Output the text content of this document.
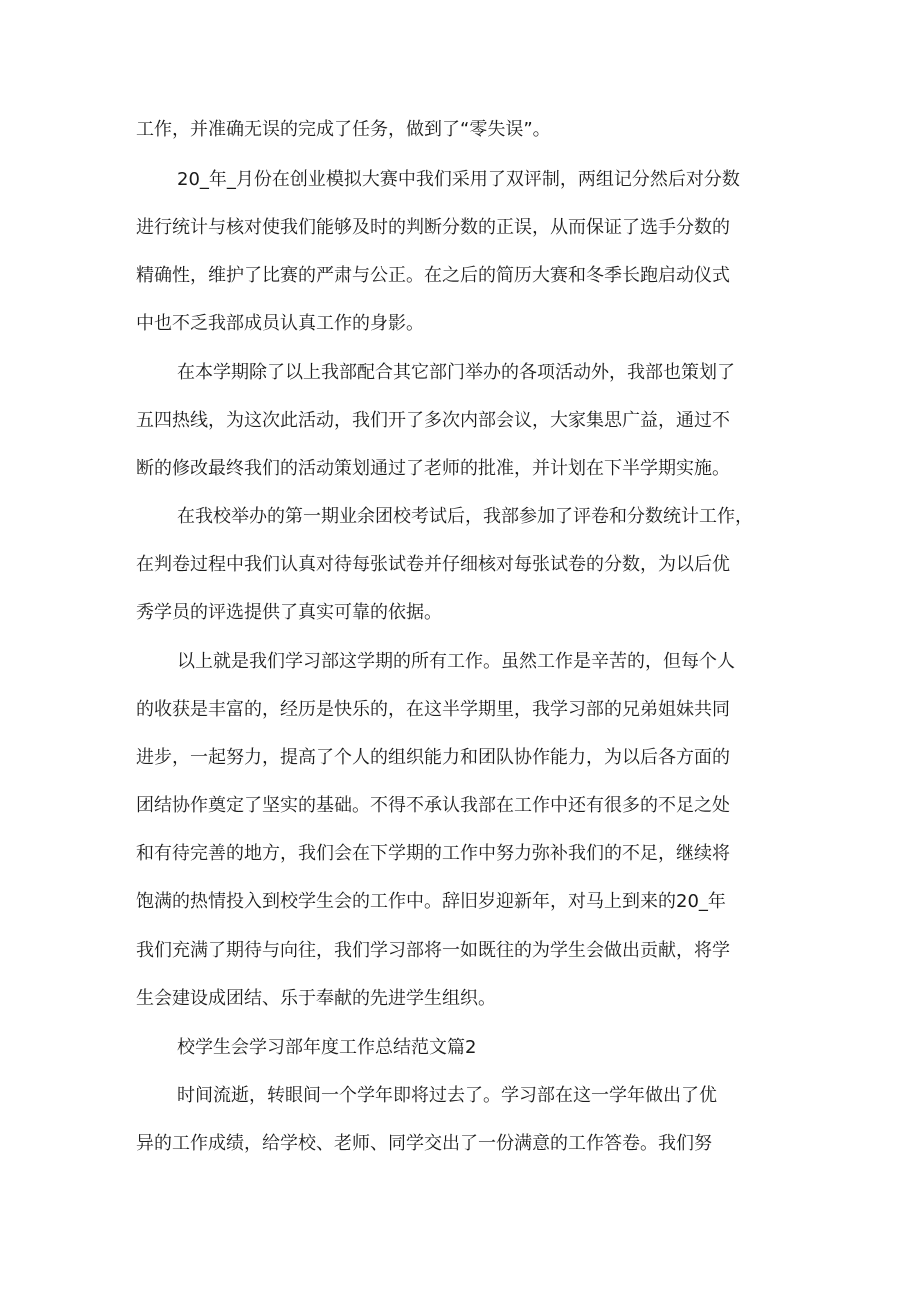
工作，并准确无误的完成了任务，做到了“零失误”。

20_年_月份在创业模拟大赛中我们采用了双评制，两组记分然后对分数

进行统计与核对使我们能够及时的判断分数的正误，从而保证了选手分数的

精确性，维护了比赛的严肃与公正。在之后的简历大赛和冬季长跑启动仪式

中也不乏我部成员认真工作的身影。

在本学期除了以上我部配合其它部门举办的各项活动外，我部也策划了

五四热线，为这次此活动，我们开了多次内部会议，大家集思广益，通过不

断的修改最终我们的活动策划通过了老师的批准，并计划在下半学期实施。

在我校举办的第一期业余团校考试后，我部参加了评卷和分数统计工作，

在判卷过程中我们认真对待每张试卷并仔细核对每张试卷的分数，为以后优

秀学员的评选提供了真实可靠的依据。

以上就是我们学习部这学期的所有工作。虽然工作是辛苦的，但每个人

的收获是丰富的，经历是快乐的，在这半学期里，我学习部的兄弟姐妹共同

进步，一起努力，提高了个人的组织能力和团队协作能力，为以后各方面的

团结协作奠定了坚实的基础。不得不承认我部在工作中还有很多的不足之处

和有待完善的地方，我们会在下学期的工作中努力弥补我们的不足，继续将

饱满的热情投入到校学生会的工作中。辞旧岁迎新年，对马上到来的20_年

我们充满了期待与向往，我们学习部将一如既往的为学生会做出贡献，将学

生会建设成团结、乐于奉献的先进学生组织。

校学生会学习部年度工作总结范文篇2

时间流逝，转眼间一个学年即将过去了。学习部在这一学年做出了优

异的工作成绩，给学校、老师、同学交出了一份满意的工作答卷。我们努
